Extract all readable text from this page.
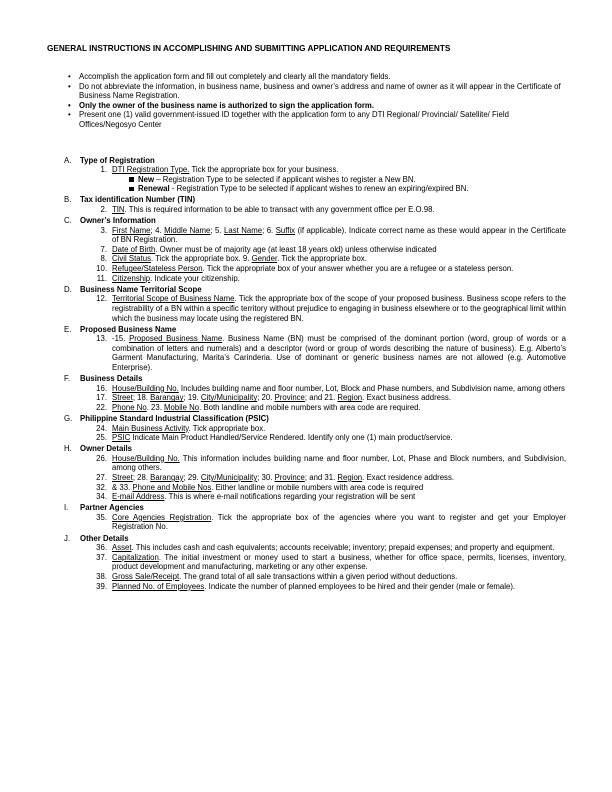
GENERAL INSTRUCTIONS IN ACCOMPLISHING AND SUBMITTING APPLICATION AND REQUIREMENTS
• Accomplish the application form and fill out completely and clearly all the mandatory fields.
• Do not abbreviate the information, in business name, business and owner’s address and name of owner as it will appear in the Certificate of Business Name Registration.
• Only the owner of the business name is authorized to sign the application form.
• Present one (1) valid government-issued ID together with the application form to any DTI Regional/ Provincial/ Satellite/ Field Offices/Negosyo Center
A. Type of Registration
1. DTI Registration Type. Tick the appropriate box for your business.
New – Registration Type to be selected if applicant wishes to register a New BN.
Renewal - Registration Type to be selected if applicant wishes to renew an expiring/expired BN.
B. Tax identification Number (TIN)
2. TIN. This is required information to be able to transact with any government office per E.O.98.
C. Owner’s Information
3. First Name; 4. Middle Name; 5. Last Name; 6. Suffix (if applicable). Indicate correct name as these would appear in the Certificate of BN Registration.
7. Date of Birth. Owner must be of majority age (at least 18 years old) unless otherwise indicated
8. Civil Status. Tick the appropriate box. 9. Gender. Tick the appropriate box.
10. Refugee/Stateless Person. Tick the appropriate box of your answer whether you are a refugee or a stateless person.
11. Citizenship. Indicate your citizenship.
D. Business Name Territorial Scope
12. Territorial Scope of Business Name. Tick the appropriate box of the scope of your proposed business. Business scope refers to the registrability of a BN within a specific territory without prejudice to engaging in business elsewhere or to the geographical limit within which the business may locate using the registered BN.
E. Proposed Business Name
13. -15. Proposed Business Name. Business Name (BN) must be comprised of the dominant portion (word, group of words or a combination of letters and numerals) and a descriptor (word or group of words describing the nature of business). E.g. Alberto’s Garment Manufacturing, Marita’s Carinderia. Use of dominant or generic business names are not allowed (e.g. Automotive Enterprise).
F. Business Details
16. House/Building No. Includes building name and floor number, Lot, Block and Phase numbers, and Subdivision name, among others
17. Street; 18. Barangay; 19. City/Municipality; 20. Province; and 21. Region. Exact business address.
22. Phone No. 23. Mobile No. Both landline and mobile numbers with area code are required.
G. Philippine Standard Industrial Classification (PSIC)
24. Main Business Activity. Tick appropriate box.
25. PSIC Indicate Main Product Handled/Service Rendered. Identify only one (1) main product/service.
H. Owner Details
26. House/Building No. This information includes building name and floor number, Lot, Phase and Block numbers, and Subdivision, among others.
27. Street; 28. Barangay; 29. City/Municipality; 30. Province; and 31. Region. Exact residence address.
32. & 33. Phone and Mobile Nos. Either landline or mobile numbers with area code is required
34. E-mail Address. This is where e-mail notifications regarding your registration will be sent
I. Partner Agencies
35. Core Agencies Registration. Tick the appropriate box of the agencies where you want to register and get your Employer Registration No.
J. Other Details
36. Asset. This includes cash and cash equivalents; accounts receivable; inventory; prepaid expenses; and property and equipment.
37. Capitalization. The initial investment or money used to start a business, whether for office space, permits, licenses, inventory, product development and manufacturing, marketing or any other expense.
38. Gross Sale/Receipt. The grand total of all sale transactions within a given period without deductions.
39. Planned No. of Employees. Indicate the number of planned employees to be hired and their gender (male or female).
